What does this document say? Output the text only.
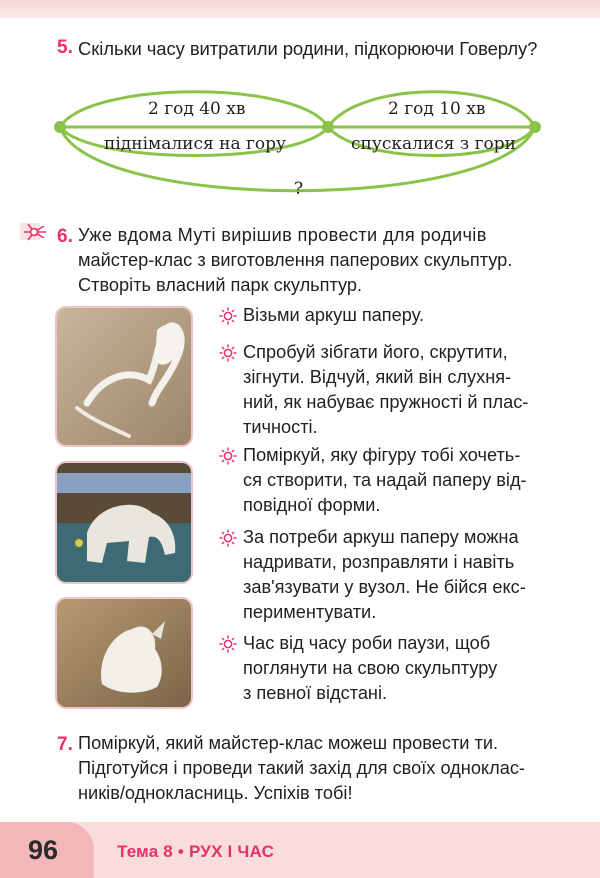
5. Скільки часу витратили родини, підкорюючи Говерлу?
2 год 40 хв	2 год 10 хв
піднімалися на гору	спускалися з гори
?
6. Уже вдома Муті вирішив провести для родичів
майстер-клас з виготовлення паперових скульптур.
Створіть власний парк скульптур.
Візьми аркуш паперу.
Спробуй зібгати його, скрутити,
зігнути. Відчуй, який він слухня-
ний, як набуває пружності й плас-
тичності.
Поміркуй, яку фігуру тобі хочеть-
ся створити, та надай паперу від-
повідної форми.
За потреби аркуш паперу можна
надривати, розправляти і навіть
зав'язувати у вузол. Не бійся екс-
периментувати.
Час від часу роби паузи, щоб
поглянути на свою скульптуру
з певної відстані.
7. Поміркуй, який майстер-клас можеш провести ти.
Підготуйся і проведи такий захід для своїх одноклас-
ників/однокласниць. Успіхів тобі!
96	Тема 8 • РУХ І ЧАС
